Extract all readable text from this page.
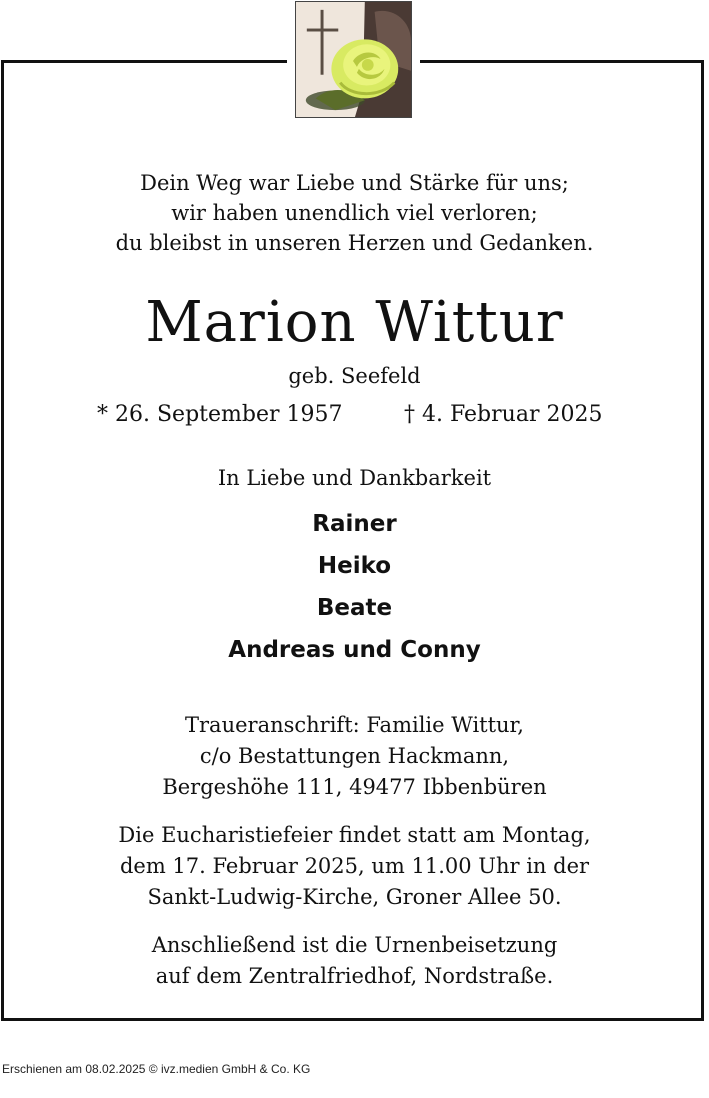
Dein Weg war Liebe und Stärke für uns;
wir haben unendlich viel verloren;
du bleibst in unseren Herzen und Gedanken.
Marion Wittur
geb. Seefeld
* 26. September 1957	† 4. Februar 2025
In Liebe und Dankbarkeit
Rainer
Heiko
Beate
Andreas und Conny
Traueranschrift: Familie Wittur,
c/o Bestattungen Hackmann,
Bergeshöhe 111, 49477 Ibbenbüren
Die Eucharistiefeier findet statt am Montag,
dem 17. Februar 2025, um 11.00 Uhr in der
Sankt-Ludwig-Kirche, Groner Allee 50.
Anschließend ist die Urnenbeisetzung
auf dem Zentralfriedhof, Nordstraße.
Erschienen am 08.02.2025 © ivz.medien GmbH & Co. KG
